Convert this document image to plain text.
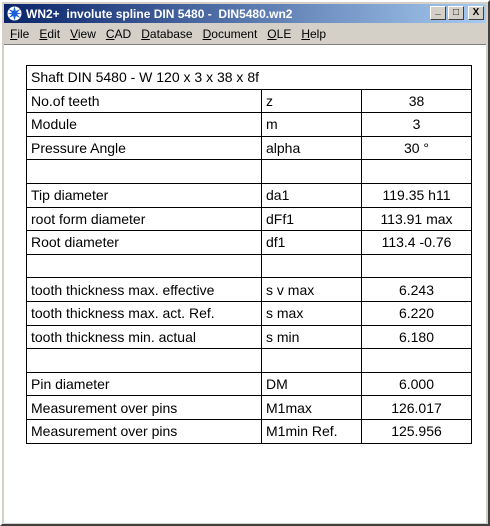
WN2+
involute spline DIN 5480
-
DIN5480.wn2	_ □ X
File Edit View CAD Database Document OLE Help
Shaft DIN 5480 - W 120 x 3 x 38 x 8f		
No.of teeth	z	38
Module	m	3
Pressure Angle	alpha	30 °

Tip diameter	da1	119.35 h11
root form diameter	dFf1	113.91 max
Root diameter	df1	113.4 -0.76

tooth thickness max. effective	s v max	6.243
tooth thickness max. act. Ref.	s max	6.220
tooth thickness min. actual	s min	6.180

Pin diameter	DM	6.000
Measurement over pins	M1max	126.017
Measurement over pins	M1min Ref.	125.956
